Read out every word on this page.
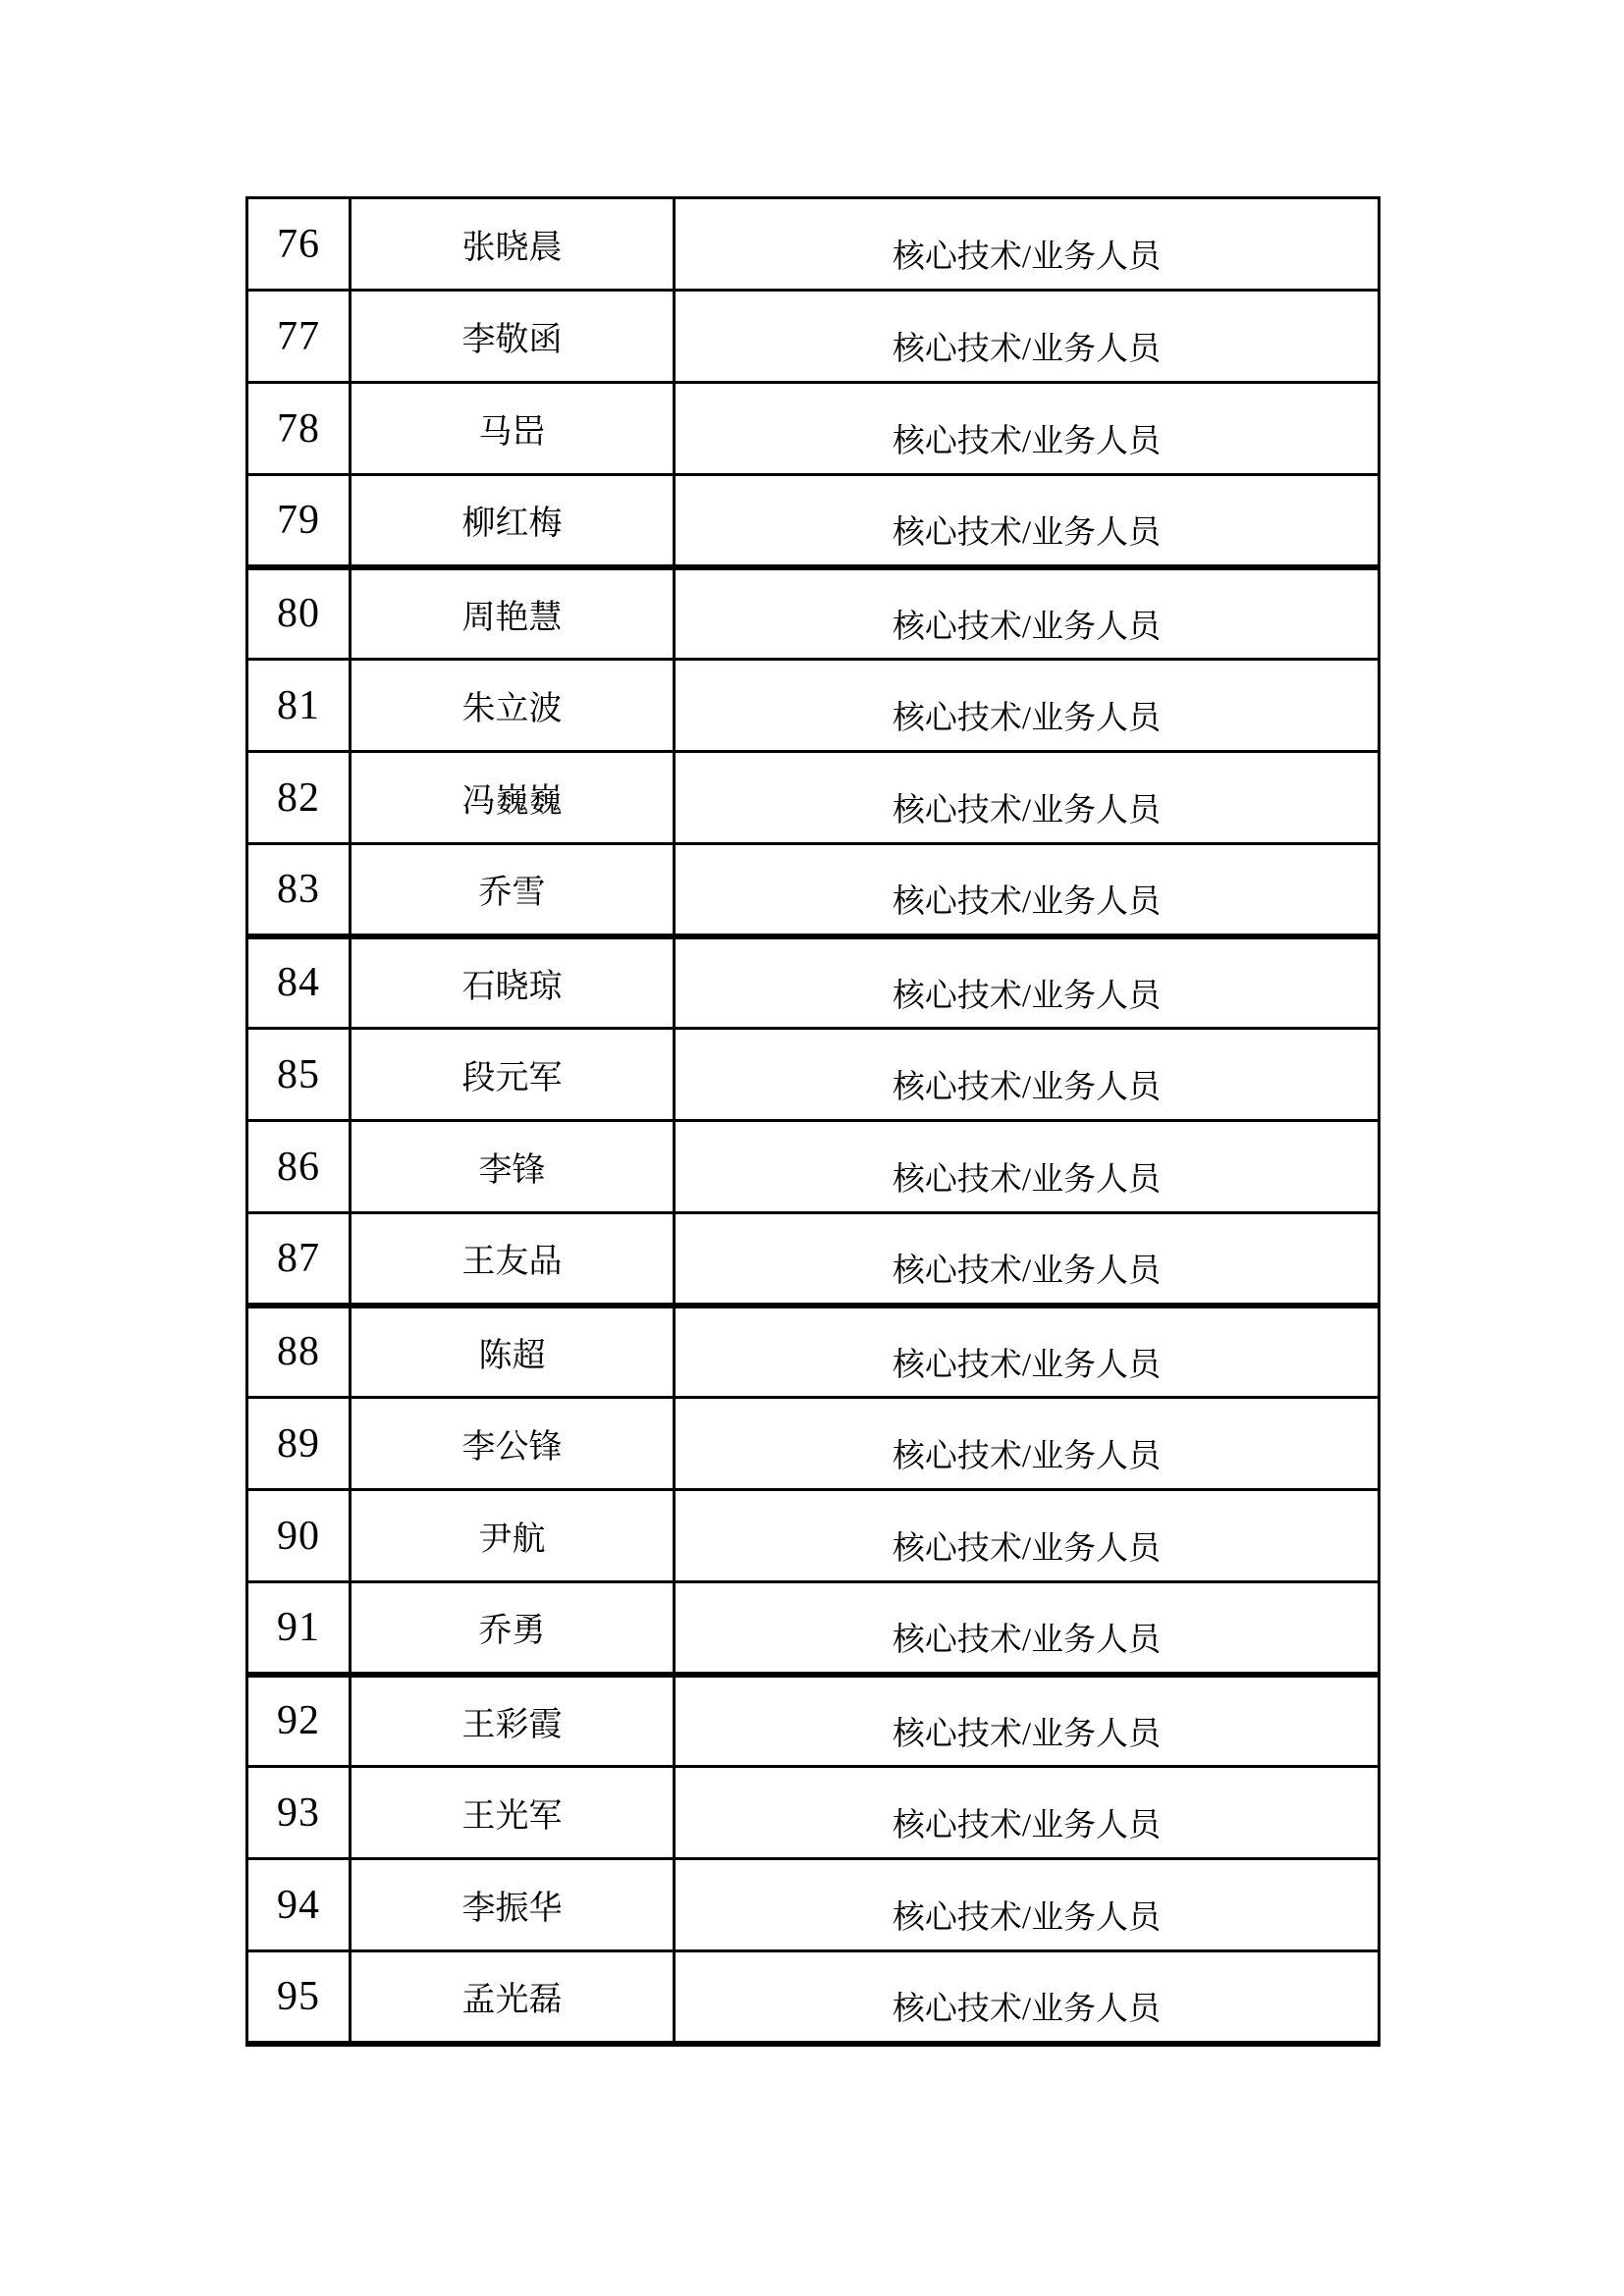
76	张晓晨	核心技术/业务人员
77	李敬函	核心技术/业务人员
78	马岊	核心技术/业务人员
79	柳红梅	核心技术/业务人员
80	周艳慧	核心技术/业务人员
81	朱立波	核心技术/业务人员
82	冯巍巍	核心技术/业务人员
83	乔雪	核心技术/业务人员
84	石晓琼	核心技术/业务人员
85	段元军	核心技术/业务人员
86	李锋	核心技术/业务人员
87	王友品	核心技术/业务人员
88	陈超	核心技术/业务人员
89	李公锋	核心技术/业务人员
90	尹航	核心技术/业务人员
91	乔勇	核心技术/业务人员
92	王彩霞	核心技术/业务人员
93	王光军	核心技术/业务人员
94	李振华	核心技术/业务人员
95	孟光磊	核心技术/业务人员
